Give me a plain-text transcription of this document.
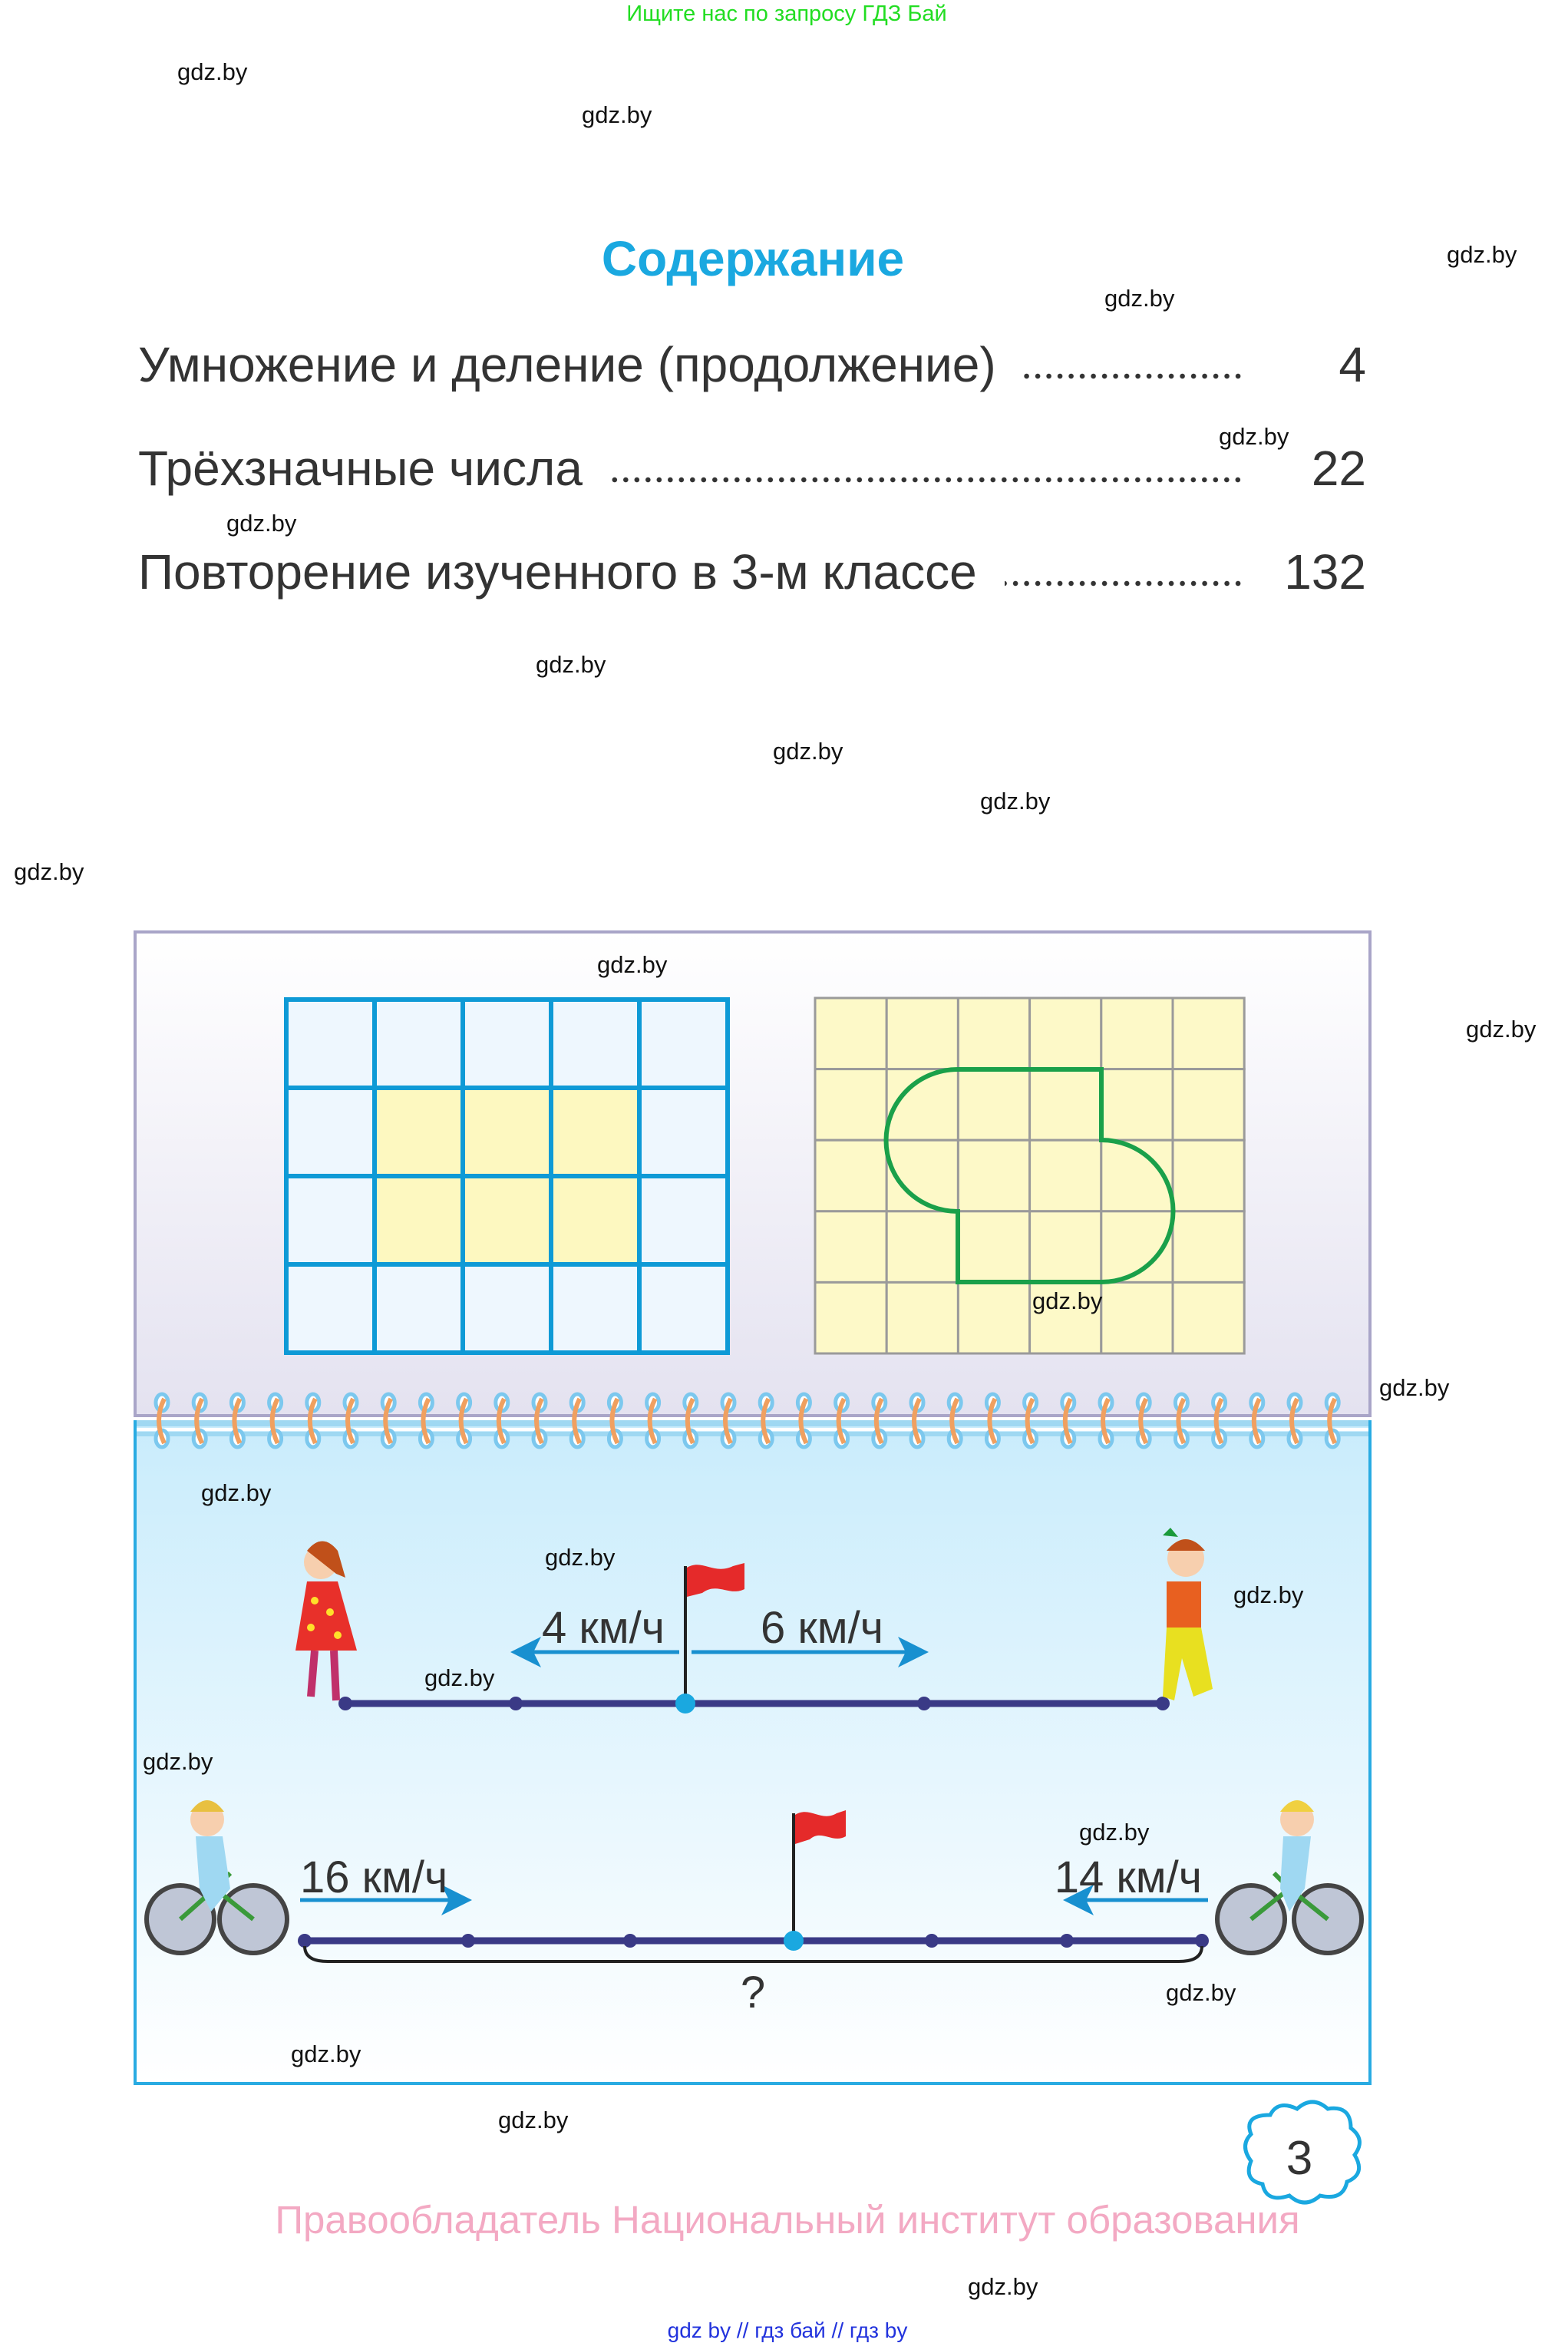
Ищите нас по запросу ГДЗ Бай
gdz.by
gdz.by
gdz.by
gdz.by
gdz.by
gdz.by
gdz.by
gdz.by
gdz.by
gdz.by
gdz.by
gdz.by
gdz.by
gdz.by
gdz.by
gdz.by
gdz.by
gdz.by
gdz.by
gdz.by
gdz.by
gdz.by
gdz.by
gdz.by
Содержание
Умножение и деление (продолжение)	4
Трёхзначные числа	22
Повторение изученного в 3-м классе	132
4 км/ч 6 км/ч
16 км/ч	14 км/ч
?
3
Правообладатель Национальный институт образования
gdz by // гдз бай // гдз by
